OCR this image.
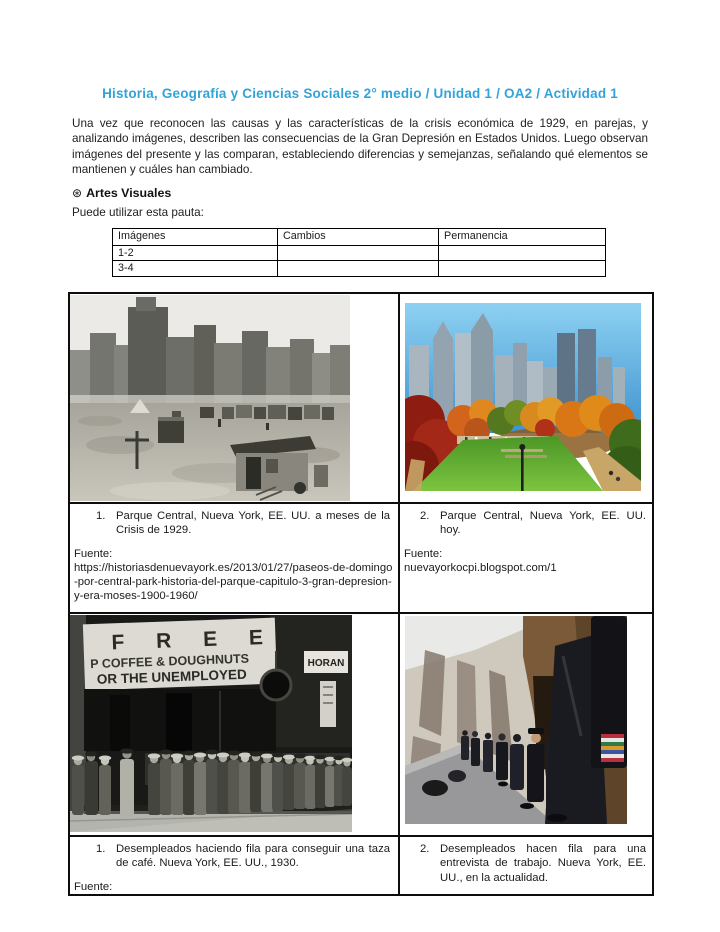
Historia, Geografía y Ciencias Sociales 2° medio / Unidad 1 / OA2 / Actividad 1

Una vez que reconocen las causas y las características de la crisis económica de 1929, en parejas, y analizando imágenes, describen las consecuencias de la Gran Depresión en Estados Unidos. Luego observan imágenes del presente y las comparan, estableciendo diferencias y semejanzas, señalando qué elementos se mantienen y cuáles han cambiado.

⊛ Artes Visuales

Puede utilizar esta pauta:

Imágenes	Cambios	Permanencia
1-2		
3-4		

1. Parque Central, Nueva York, EE. UU. a meses de la Crisis de 1929.
Fuente:
https://historiasdenuevayork.es/2013/01/27/paseos-de-domingo-por-central-park-historia-del-parque-capitulo-3-gran-depresion-y-era-moses-1900-1960/

2. Parque Central, Nueva York, EE. UU. hoy.
Fuente:
nuevayorkocpi.blogspot.com/1

F R E E
P COFFEE & DOUGHNUTS
OR THE UNEMPLOYED
HORAN

1. Desempleados haciendo fila para conseguir una taza de café. Nueva York, EE. UU., 1930.
Fuente:

2. Desempleados hacen fila para una entrevista de trabajo. Nueva York, EE. UU., en la actualidad.
